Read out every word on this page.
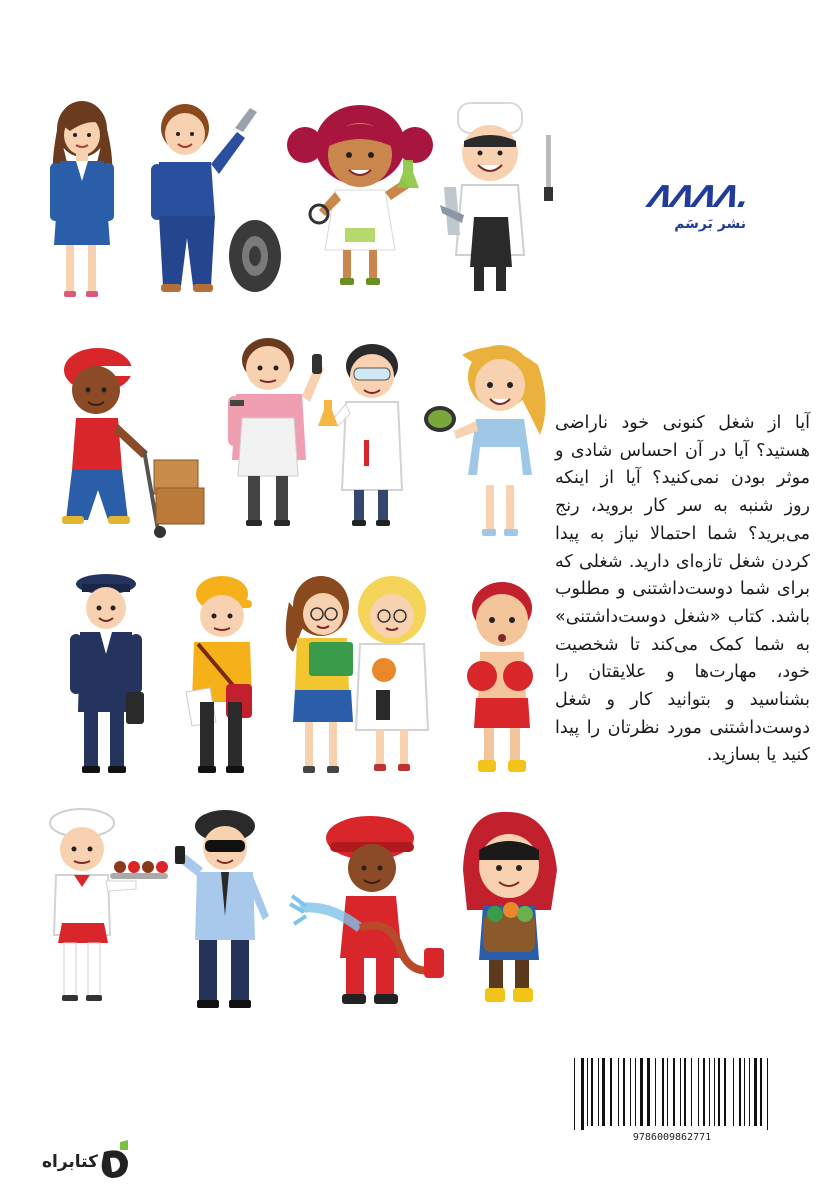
ɅɅɅɅ.
نشر بَرسَم

آیا از شغل کنونی خود ناراضی هستید؟ آیا در آن احساس شادی و موثر بودن نمی‌کنید؟ آیا از اینکه روز شنبه به سر کار بروید، رنج می‌برید؟ شما احتمالا نیاز به پیدا کردن شغل تازه‌ای دارید. شغلی که برای شما دوست‌داشتنی و مطلوب باشد. کتاب «شغل دوست‌داشتنی» به شما کمک می‌کند تا شخصیت خود، مهارت‌ها و علایقتان را بشناسید و بتوانید کار و شغل دوست‌داشتنی مورد نظرتان را پیدا کنید یا بسازید.

9786009862771
کتابراه
